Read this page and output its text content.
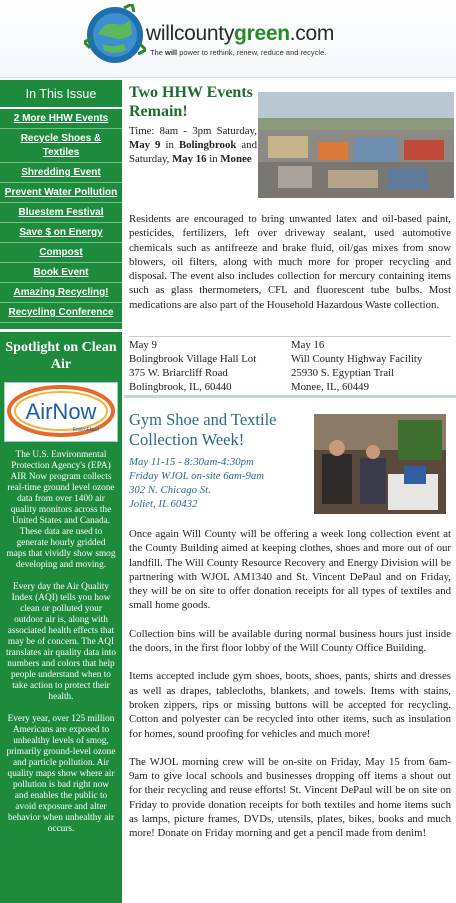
willcountygreen.com
The will power to rethink, renew, reduce and recycle.
In This Issue
2 More HHW Events
Recycle Shoes & Textiles
Shredding Event
Prevent Water Pollution
Bluestem Festival
Save $ on Energy
Compost
Book Event
Amazing Recycling!
Recycling Conference
Spotlight on Clean Air
AirNow
EnviroFlash

The U.S. Environmental Protection Agency's (EPA) AIR Now program collects real-time ground level ozone data from over 1400 air quality monitors across the United States and Canada. These data are used to generate hourly gridded maps that vividly show smog developing and moving.

Every day the Air Quality Index (AQI) tells you how clean or polluted your outdoor air is, along with associated health effects that may be of concern. The AQI translates air quality data into numbers and colors that help people understand when to take action to protect their health.

Every year, over 125 million Americans are exposed to unhealthy levels of smog, primarily ground-level ozone and particle pollution. Air quality maps show where air pollution is bad right now and enables the public to avoid exposure and alter behavior when unhealthy air occurs.

Two HHW Events Remain!
Time: 8am - 3pm Saturday, May 9 in Bolingbrook and Saturday, May 16 in Monee
Residents are encouraged to bring unwanted latex and oil-based paint, pesticides, fertilizers, left over driveway sealant, used automotive chemicals such as antifreeze and brake fluid, oil/gas mixes from snow blowers, oil filters, along with much more for proper recycling and disposal. The event also includes collection for mercury containing items such as glass thermometers, CFL and fluorescent tube bulbs. Most medications are also part of the Household Hazardous Waste collection.
May 9
Bolingbrook Village Hall Lot
375 W. Briarcliff Road
Bolingbrook, IL, 60440
May 16
Will County Highway Facility
25930 S. Egyptian Trail
Monee, IL, 60449
Gym Shoe and Textile Collection Week!
May 11-15 - 8:30am-4:30pm
Friday WJOL on-site 6am-9am
302 N. Chicago St.
Joliet, IL 60432

Once again Will County will be offering a week long collection event at the County Building aimed at keeping clothes, shoes and more out of our landfill. The Will County Resource Recovery and Energy Division will be partnering with WJOL AM1340 and St. Vincent DePaul and on Friday, they will be on site to offer donation receipts for all types of textiles and small home goods.

Collection bins will be available during normal business hours just inside the doors, in the first floor lobby of the Will County Office Building.

Items accepted include gym shoes, boots, shoes, pants, shirts and dresses as well as drapes, tablecloths, blankets, and towels. Items with stains, broken zippers, rips or missing buttons will be accepted for recycling. Cotton and polyester can be recycled into other items, such as insulation for homes, sound proofing for vehicles and much more!

The WJOL morning crew will be on-site on Friday, May 15 from 6am-9am to give local schools and businesses dropping off items a shout out for their recycling and reuse efforts! St. Vincent DePaul will be on site on Friday to provide donation receipts for both textiles and home items such as lamps, picture frames, DVDs, utensils, plates, bikes, books and much more! Donate on Friday morning and get a pencil made from denim!
